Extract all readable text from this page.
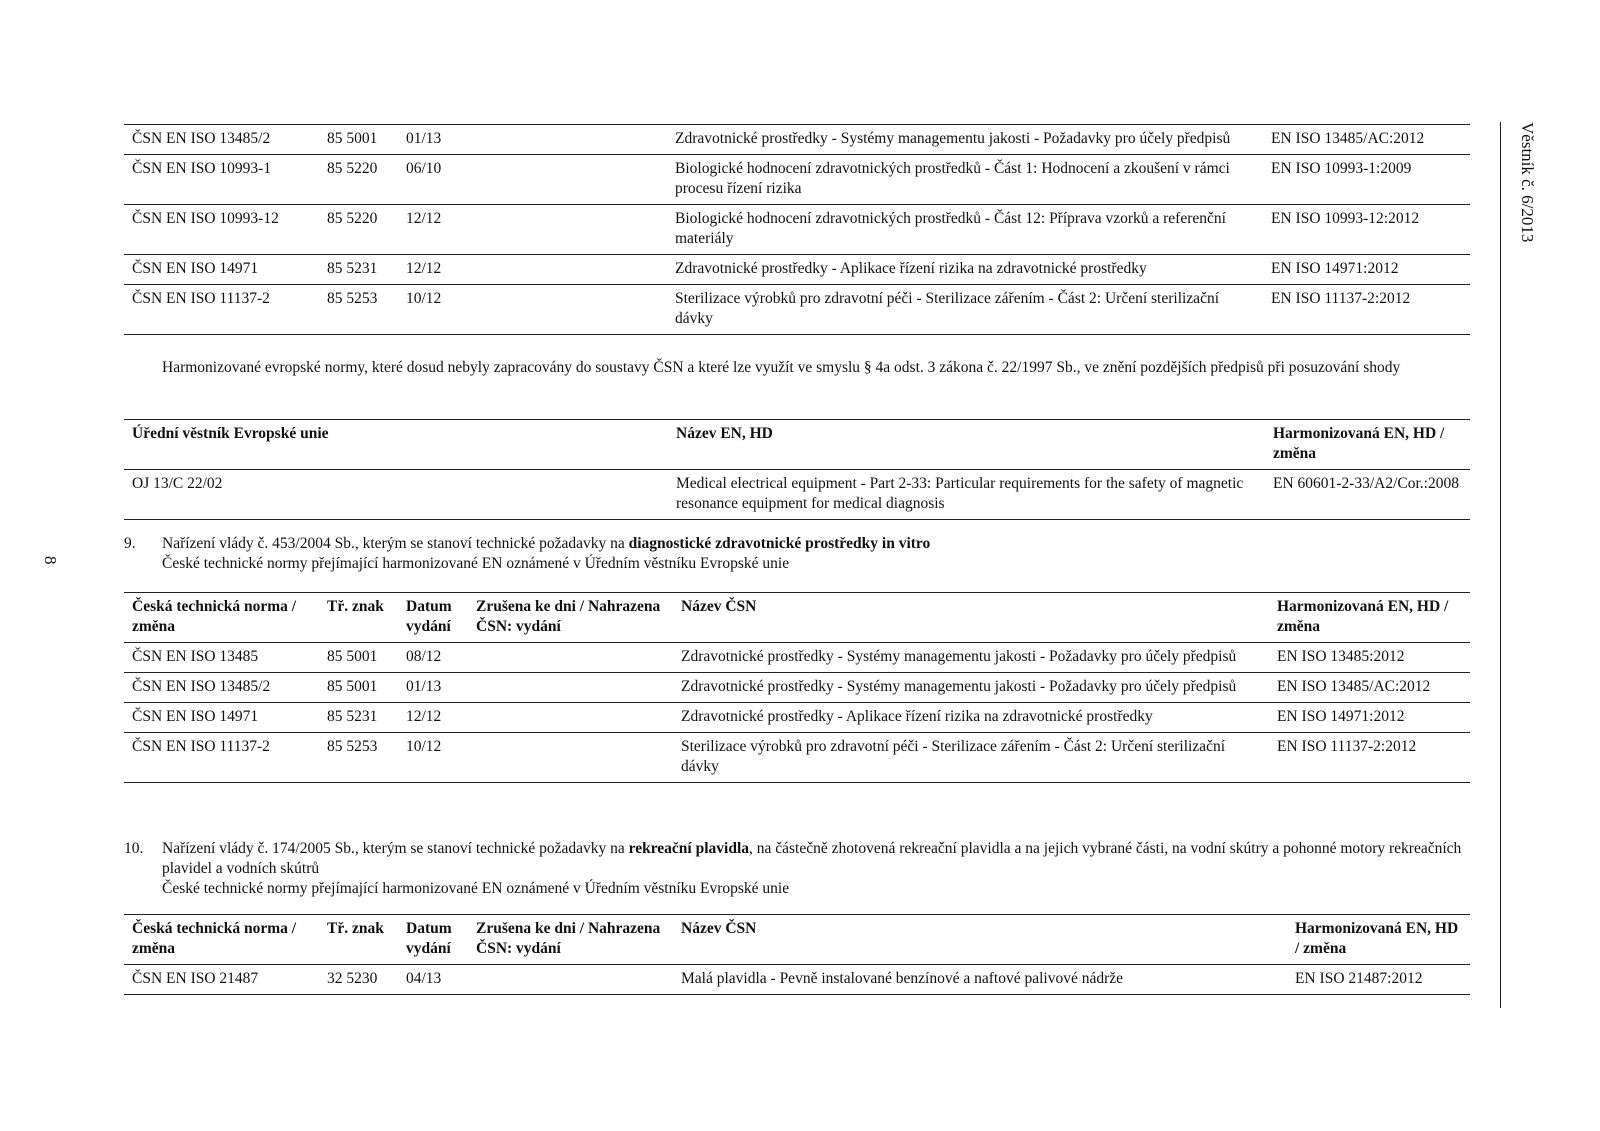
ČSN EN ISO 13485/2	85 5001	01/13		Zdravotnické prostředky - Systémy managementu jakosti - Požadavky pro účely předpisů	EN ISO 13485/AC:2012
ČSN EN ISO 10993-1	85 5220	06/10		Biologické hodnocení zdravotnických prostředků - Část 1: Hodnocení a zkoušení v rámci procesu řízení rizika	EN ISO 10993-1:2009
ČSN EN ISO 10993-12	85 5220	12/12		Biologické hodnocení zdravotnických prostředků - Část 12: Příprava vzorků a referenční materiály	EN ISO 10993-12:2012
ČSN EN ISO 14971	85 5231	12/12		Zdravotnické prostředky - Aplikace řízení rizika na zdravotnické prostředky	EN ISO 14971:2012
ČSN EN ISO 11137-2	85 5253	10/12		Sterilizace výrobků pro zdravotní péči - Sterilizace zářením - Část 2: Určení sterilizační dávky	EN ISO 11137-2:2012
Harmonizované evropské normy, které dosud nebyly zapracovány do soustavy ČSN a které lze využít ve smyslu § 4a odst. 3 zákona č. 22/1997 Sb., ve znění pozdějších předpisů při posuzování shody
Úřední věstník Evropské unie	Název EN, HD	Harmonizovaná EN, HD / změna
OJ 13/C 22/02	Medical electrical equipment - Part 2-33: Particular requirements for the safety of magnetic resonance equipment for medical diagnosis	EN 60601-2-33/A2/Cor.:2008
9. Nařízení vlády č. 453/2004 Sb., kterým se stanoví technické požadavky na diagnostické zdravotnické prostředky in vitro
České technické normy přejímající harmonizované EN oznámené v Úředním věstníku Evropské unie
Česká technická norma / změna	Tř. znak	Datum vydání	Zrušena ke dni / Nahrazena ČSN: vydání	Název ČSN	Harmonizovaná EN, HD / změna
ČSN EN ISO 13485	85 5001	08/12		Zdravotnické prostředky - Systémy managementu jakosti - Požadavky pro účely předpisů	EN ISO 13485:2012
ČSN EN ISO 13485/2	85 5001	01/13		Zdravotnické prostředky - Systémy managementu jakosti - Požadavky pro účely předpisů	EN ISO 13485/AC:2012
ČSN EN ISO 14971	85 5231	12/12		Zdravotnické prostředky - Aplikace řízení rizika na zdravotnické prostředky	EN ISO 14971:2012
ČSN EN ISO 11137-2	85 5253	10/12		Sterilizace výrobků pro zdravotní péči - Sterilizace zářením - Část 2: Určení sterilizační dávky	EN ISO 11137-2:2012
10. Nařízení vlády č. 174/2005 Sb., kterým se stanoví technické požadavky na rekreační plavidla, na částečně zhotovená rekreační plavidla a na jejich vybrané části, na vodní skútry a pohonné motory rekreačních plavidel a vodních skútrů
České technické normy přejímající harmonizované EN oznámené v Úředním věstníku Evropské unie
Česká technická norma / změna	Tř. znak	Datum vydání	Zrušena ke dni / Nahrazena ČSN: vydání	Název ČSN	Harmonizovaná EN, HD / změna
ČSN EN ISO 21487	32 5230	04/13		Malá plavidla - Pevně instalované benzínové a naftové palivové nádrže	EN ISO 21487:2012
Věstník č. 6/2013
8
